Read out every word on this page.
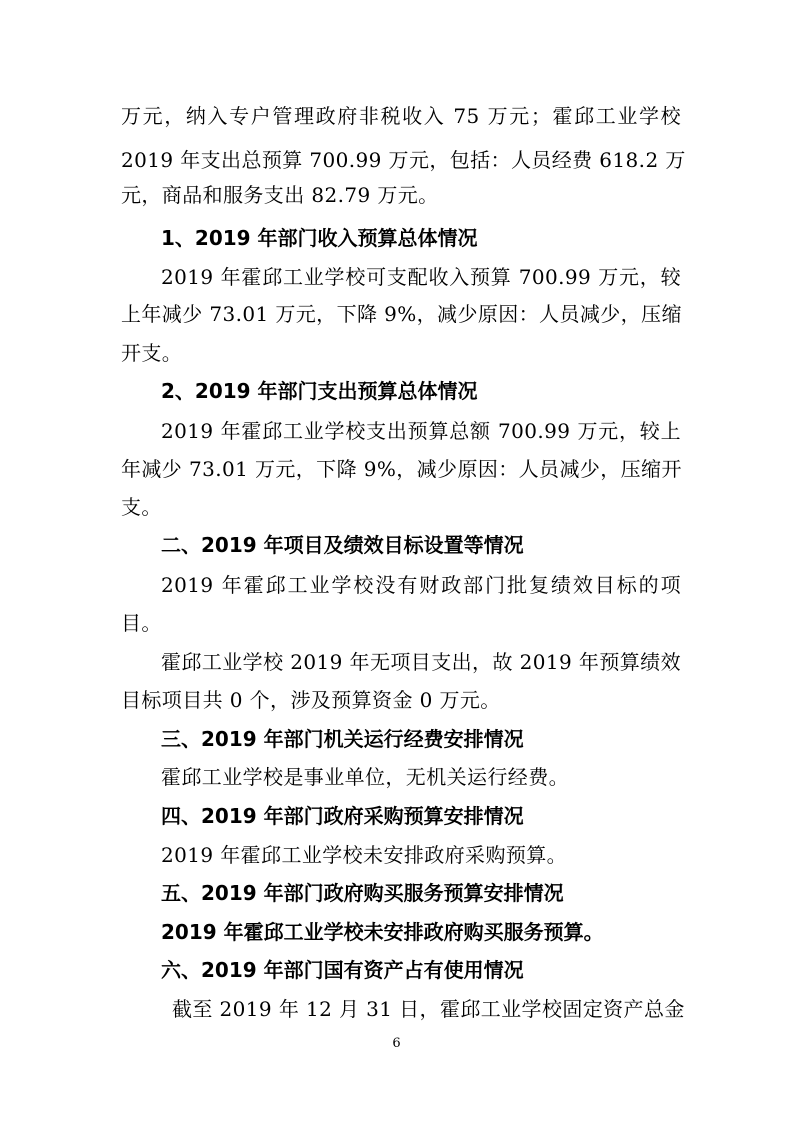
万元，纳入专户管理政府非税收入 75 万元；霍邱工业学校
2019 年支出总预算 700.99 万元，包括：人员经费 618.2 万
元，商品和服务支出 82.79 万元。
1、2019 年部门收入预算总体情况
2019 年霍邱工业学校可支配收入预算 700.99 万元，较
上年减少 73.01 万元，下降 9%，减少原因：人员减少，压缩
开支。
2、2019 年部门支出预算总体情况
2019 年霍邱工业学校支出预算总额 700.99 万元，较上
年减少 73.01 万元，下降 9%，减少原因：人员减少，压缩开
支。
二、2019 年项目及绩效目标设置等情况
2019 年霍邱工业学校没有财政部门批复绩效目标的项
目。
霍邱工业学校 2019 年无项目支出，故 2019 年预算绩效
目标项目共 0 个，涉及预算资金 0 万元。
三、2019 年部门机关运行经费安排情况
霍邱工业学校是事业单位，无机关运行经费。
四、2019 年部门政府采购预算安排情况
2019 年霍邱工业学校未安排政府采购预算。
五、2019 年部门政府购买服务预算安排情况
2019 年霍邱工业学校未安排政府购买服务预算。
六、2019 年部门国有资产占有使用情况
截至 2019 年 12 月 31 日，霍邱工业学校固定资产总金
6
